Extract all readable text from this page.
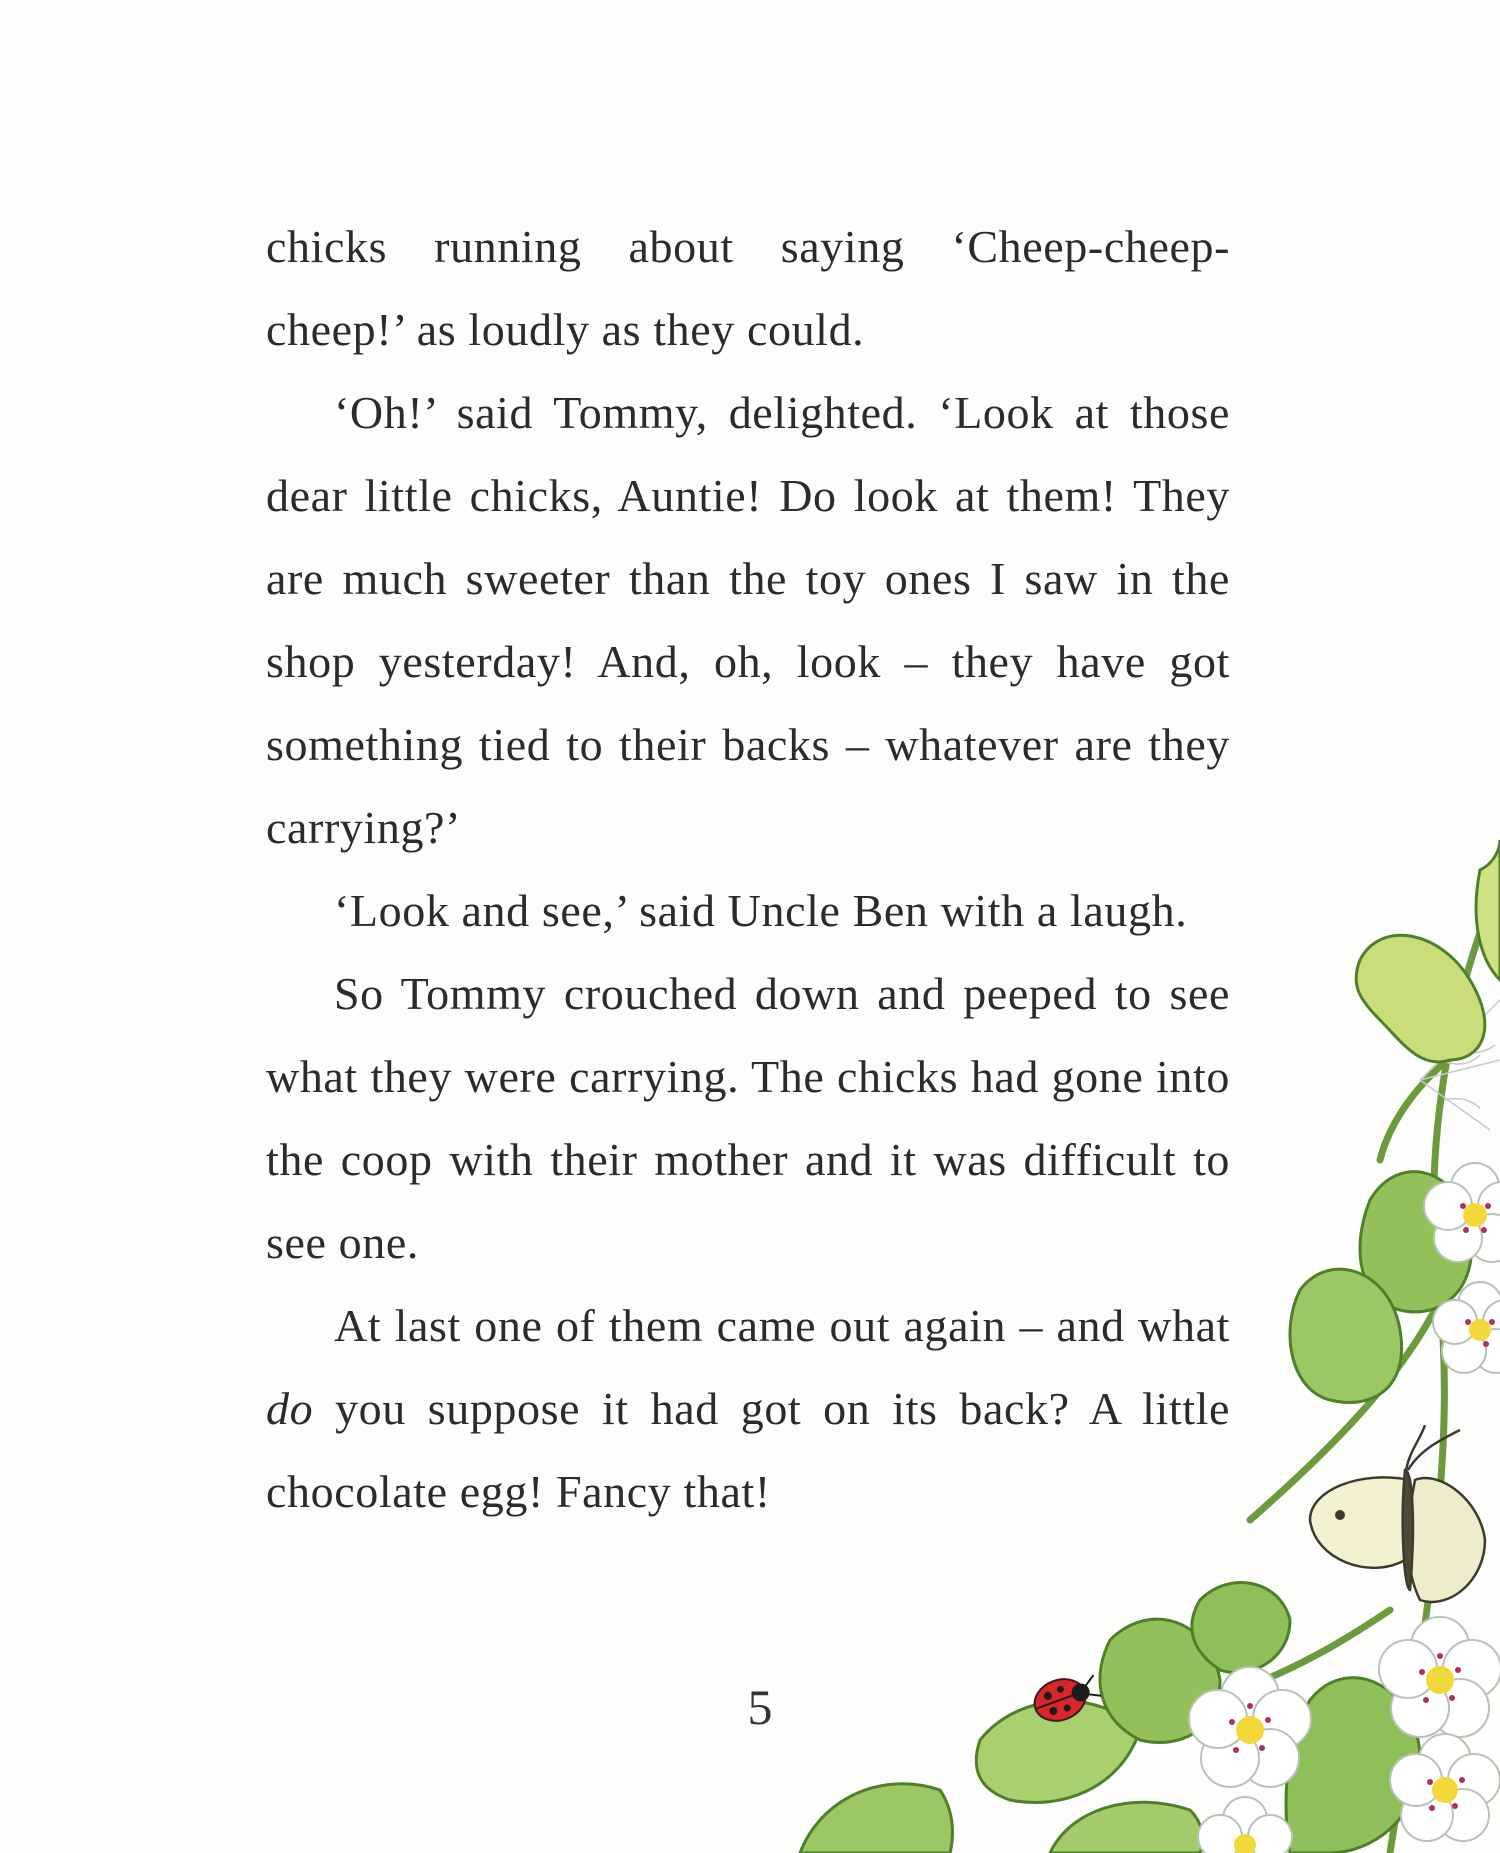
chicks running about saying ‘Cheep-cheep-cheep!’ as loudly as they could.

‘Oh!’ said Tommy, delighted. ‘Look at those dear little chicks, Auntie! Do look at them! They are much sweeter than the toy ones I saw in the shop yesterday! And, oh, look – they have got something tied to their backs – whatever are they carrying?’

‘Look and see,’ said Uncle Ben with a laugh.

So Tommy crouched down and peeped to see what they were carrying. The chicks had gone into the coop with their mother and it was difficult to see one.

At last one of them came out again – and what do you suppose it had got on its back? A little chocolate egg! Fancy that!

5
